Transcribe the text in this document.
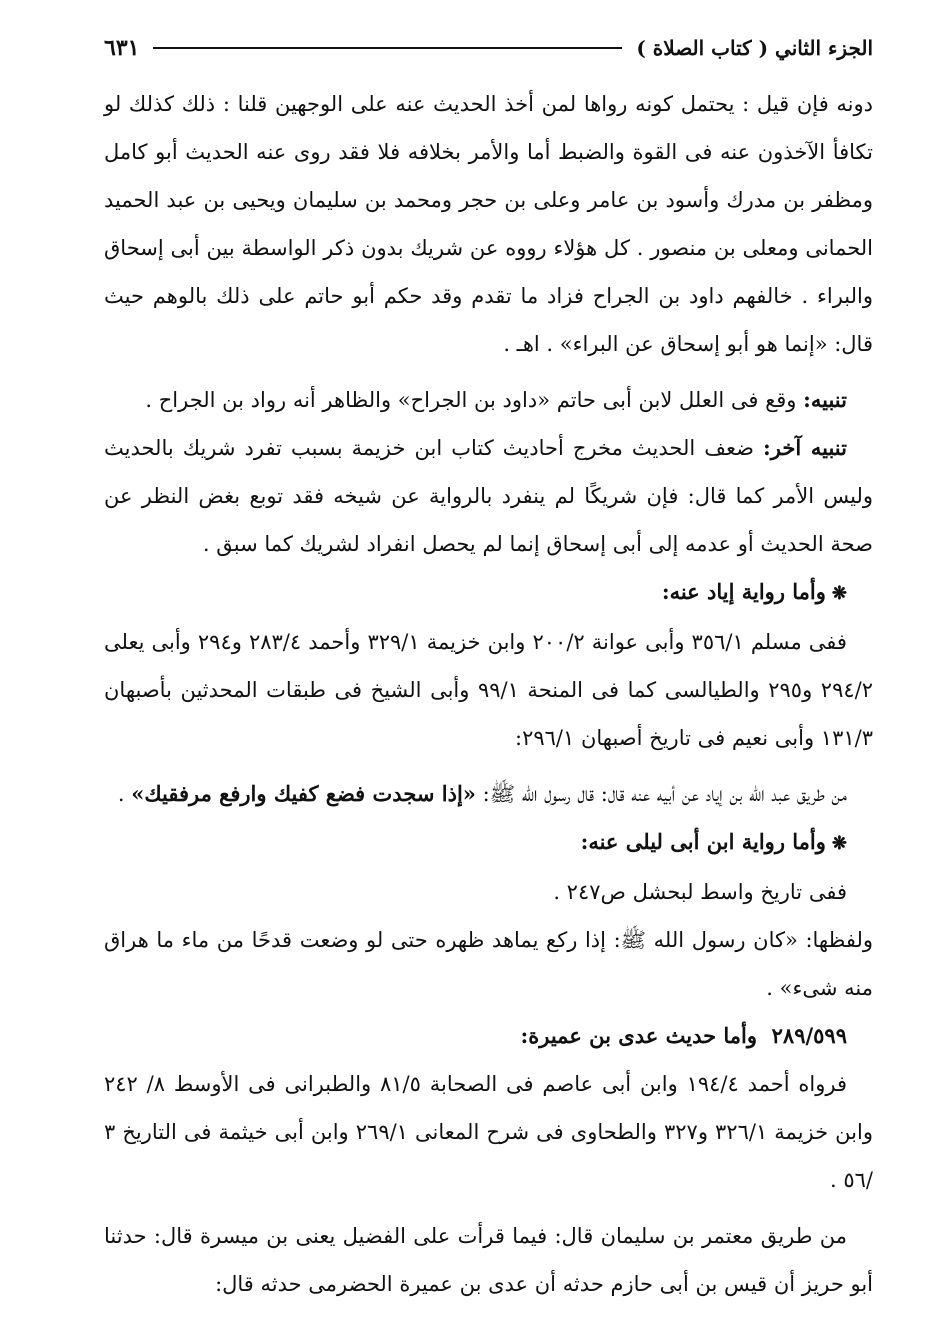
الجزء الثاني ( كتاب الصلاة )
٦٣١

دونه فإن قيل : يحتمل كونه رواها لمن أخذ الحديث عنه على الوجهين قلنا : ذلك كذلك لو تكافأ الآخذون عنه فى القوة والضبط أما والأمر بخلافه فلا فقد روى عنه الحديث أبو كامل ومظفر بن مدرك وأسود بن عامر وعلى بن حجر ومحمد بن سليمان ويحيى بن عبد الحميد الحمانى ومعلى بن منصور . كل هؤلاء رووه عن شريك بدون ذكر الواسطة بين أبى إسحاق والبراء . خالفهم داود بن الجراح فزاد ما تقدم وقد حكم أبو حاتم على ذلك بالوهم حيث قال: «إنما هو أبو إسحاق عن البراء» . اهـ .

تنبيه: وقع فى العلل لابن أبى حاتم «داود بن الجراح» والظاهر أنه رواد بن الجراح .

تنبيه آخر: ضعف الحديث مخرج أحاديث كتاب ابن خزيمة بسبب تفرد شريك بالحديث وليس الأمر كما قال: فإن شريكًا لم ينفرد بالرواية عن شيخه فقد توبع بغض النظر عن صحة الحديث أو عدمه إلى أبى إسحاق إنما لم يحصل انفراد لشريك كما سبق .

❋وأما رواية إياد عنه:

ففى مسلم ٣٥٦/١ وأبى عوانة ٢٠٠/٢ وابن خزيمة ٣٢٩/١ وأحمد ٢٨٣/٤ و٢٩٤ وأبى يعلى ٢٩٤/٢ و٢٩٥ والطيالسى كما فى المنحة ٩٩/١ وأبى الشيخ فى طبقات المحدثين بأصبهان ١٣١/٣ وأبى نعيم فى تاريخ أصبهان ٢٩٦/١:

من طريق عبد الله بن إياد عن أبيه عنه قال: قال رسول الله ﷺ: «إذا سجدت فضع كفيك وارفع مرفقيك» .

❋وأما رواية ابن أبى ليلى عنه:

ففى تاريخ واسط لبحشل ص٢٤٧ .

ولفظها: «كان رسول الله ﷺ: إذا ركع يماهد ظهره حتى لو وضعت قدحًا من ماء ما هراق منه شىء» .

٢٨٩/٥٩٩  وأما حديث عدى بن عميرة:

فرواه أحمد ١٩٤/٤ وابن أبى عاصم فى الصحابة ٨١/٥ والطبرانى فى الأوسط ٨/ ٢٤٢ وابن خزيمة ٣٢٦/١ و٣٢٧ والطحاوى فى شرح المعانى ٢٦٩/١ وابن أبى خيثمة فى التاريخ ٣ /٥٦ .

من طريق معتمر بن سليمان قال: فيما قرأت على الفضيل يعنى بن ميسرة قال: حدثنا أبو حريز أن قيس بن أبى حازم حدثه أن عدى بن عميرة الحضرمى حدثه قال:
